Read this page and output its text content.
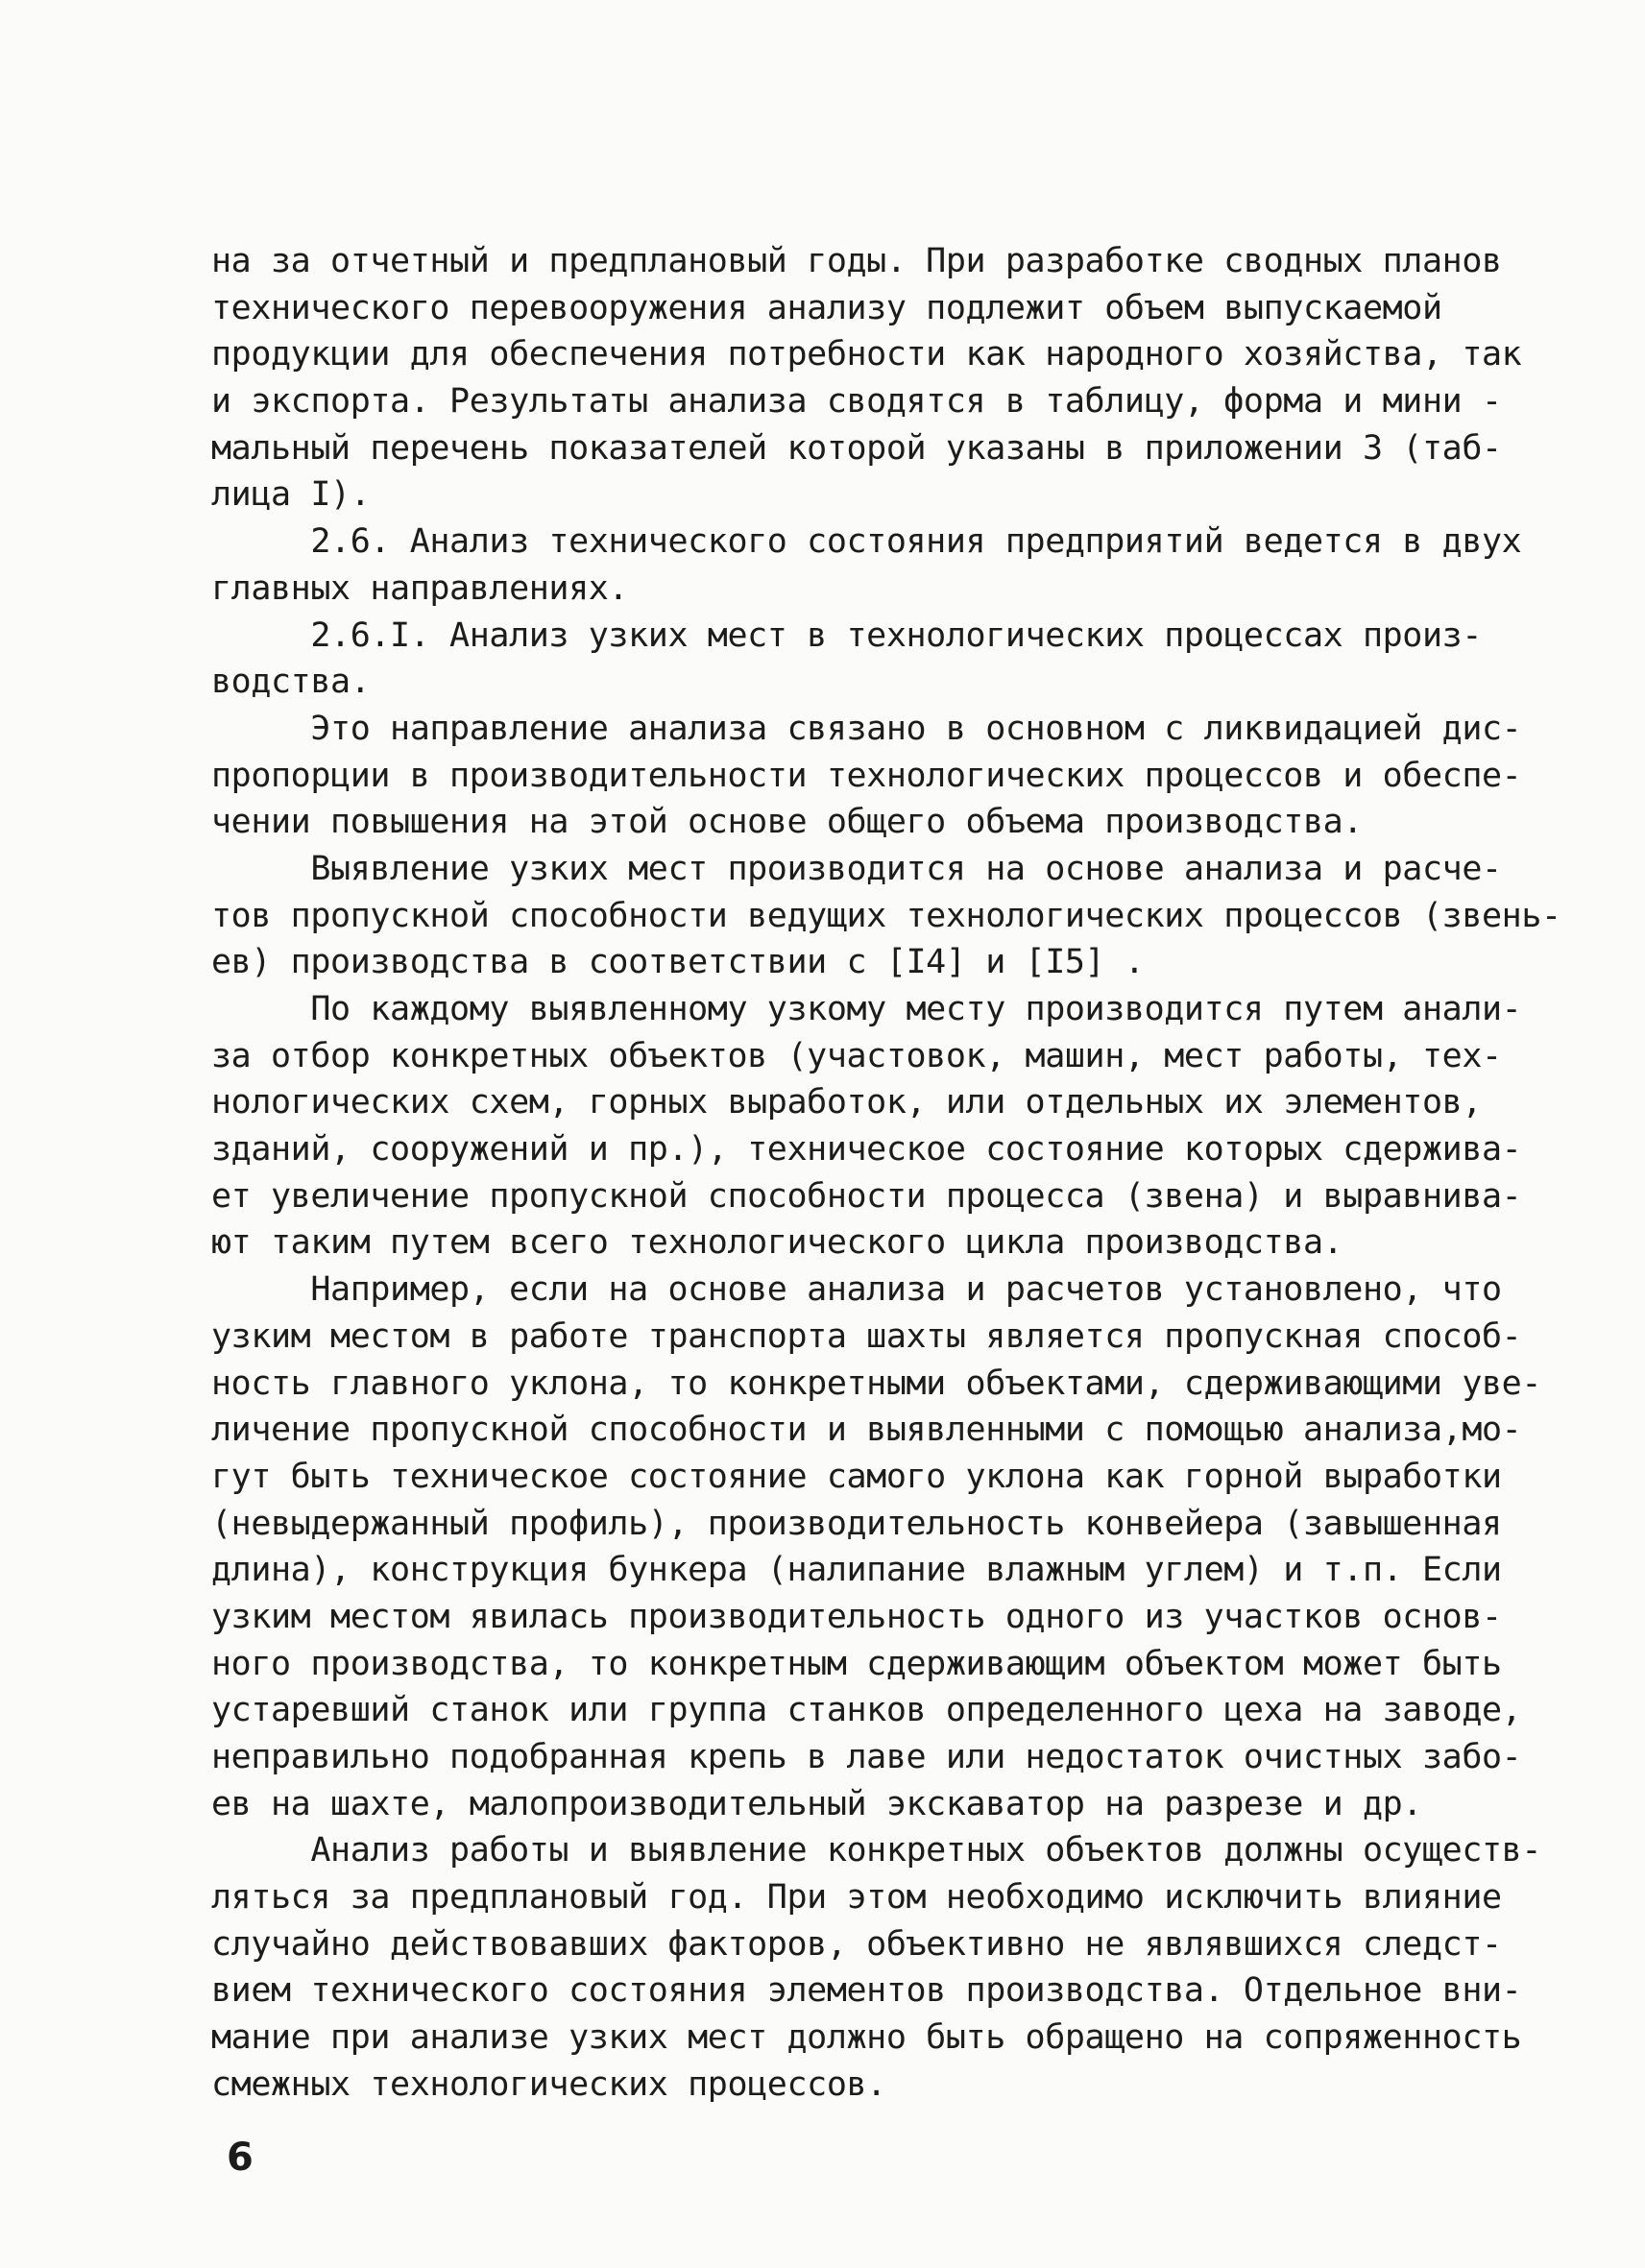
на за отчетный и предплановый годы. При разработке сводных планов
технического перевооружения анализу подлежит объем выпускаемой
продукции для обеспечения потребности как народного хозяйства, так
и экспорта. Результаты анализа сводятся в таблицу, форма и мини -
мальный перечень показателей которой указаны в приложении 3 (таб-
лица I).
2.6. Анализ технического состояния предприятий ведется в двух
главных направлениях.
2.6.I. Анализ узких мест в технологических процессах произ-
водства.
Это направление анализа связано в основном с ликвидацией дис-
пропорции в производительности технологических процессов и обеспе-
чении повышения на этой основе общего объема производства.
Выявление узких мест производится на основе анализа и расче-
тов пропускной способности ведущих технологических процессов (звень-
ев) производства в соответствии с [I4] и [I5] .
По каждому выявленному узкому месту производится путем анали-
за отбор конкретных объектов (участовок, машин, мест работы, тех-
нологических схем, горных выработок, или отдельных их элементов,
зданий, сооружений и пр.), техническое состояние которых сдержива-
ет увеличение пропускной способности процесса (звена) и выравнива-
ют таким путем всего технологического цикла производства.
Например, если на основе анализа и расчетов установлено, что
узким местом в работе транспорта шахты является пропускная способ-
ность главного уклона, то конкретными объектами, сдерживающими уве-
личение пропускной способности и выявленными с помощью анализа,мо-
гут быть техническое состояние самого уклона как горной выработки
(невыдержанный профиль), производительность конвейера (завышенная
длина), конструкция бункера (налипание влажным углем) и т.п. Если
узким местом явилась производительность одного из участков основ-
ного производства, то конкретным сдерживающим объектом может быть
устаревший станок или группа станков определенного цеха на заводе,
неправильно подобранная крепь в лаве или недостаток очистных забо-
ев на шахте, малопроизводительный экскаватор на разрезе и др.
Анализ работы и выявление конкретных объектов должны осуществ-
ляться за предплановый год. При этом необходимо исключить влияние
случайно действовавших факторов, объективно не являвшихся следст-
вием технического состояния элементов производства. Отдельное вни-
мание при анализе узких мест должно быть обращено на сопряженность
смежных технологических процессов.
6
